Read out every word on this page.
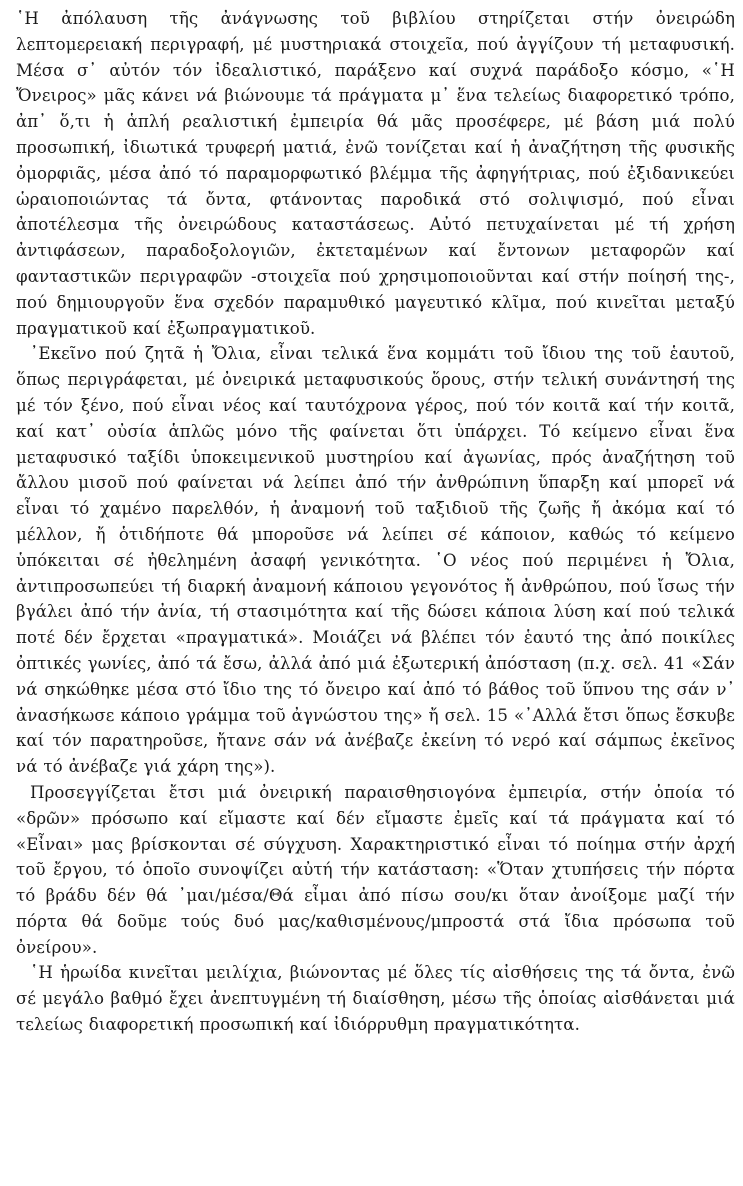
῾Η ἀπόλαυση τῆς ἀνάγνωσης τοῦ βιβλίου στηρίζεται στήν ὀνειρώδη λεπτομερειακή περιγραφή, μέ μυστηριακά στοιχεῖα, πού ἀγγίζουν τή μεταφυσική. Μέσα σ᾽ αὐτόν τόν ἰδεαλιστικό, παράξενο καί συχνά παράδοξο κόσμο, «῾Η Ὄνειρος» μᾶς κάνει νά βιώνουμε τά πράγματα μ᾽ ἕνα τελείως διαφορετικό τρόπο, ἀπ᾽ ὅ,τι ἡ ἁπλή ρεαλιστική ἐμπειρία θά μᾶς προσέφερε, μέ βάση μιά πολύ προσωπική, ἰδιωτικά τρυφερή ματιά, ἐνῶ τονίζεται καί ἡ ἀναζήτηση τῆς φυσικῆς ὀμορφιᾶς, μέσα ἀπό τό παραμορφωτικό βλέμμα τῆς ἀφηγήτριας, πού ἐξιδανικεύει ὡραιοποιώντας τά ὄντα, φτάνοντας παροδικά στό σολιψισμό, πού εἶναι ἀποτέλεσμα τῆς ὀνειρώδους καταστάσεως. Αὐτό πετυχαίνεται μέ τή χρήση ἀντιφάσεων, παραδοξολογιῶν, ἐκτεταμένων καί ἔντονων μεταφορῶν καί φανταστικῶν περιγραφῶν -στοιχεῖα πού χρησιμοποιοῦνται καί στήν ποίησή της-, πού δημιουργοῦν ἕνα σχεδόν παραμυθικό μαγευτικό κλῖμα, πού κινεῖται μεταξύ πραγματικοῦ καί ἐξωπραγματικοῦ.

᾽Εκεῖνο πού ζητᾶ ἡ Ὄλια, εἶναι τελικά ἕνα κομμάτι τοῦ ἴδιου της τοῦ ἑαυτοῦ, ὅπως περιγράφεται, μέ ὀνειρικά μεταφυσικούς ὅρους, στήν τελική συνάντησή της μέ τόν ξένο, πού εἶναι νέος καί ταυτόχρονα γέρος, πού τόν κοιτᾶ καί τήν κοιτᾶ, καί κατ᾽ οὐσία ἁπλῶς μόνο τῆς φαίνεται ὅτι ὑπάρχει. Τό κείμενο εἶναι ἕνα μεταφυσικό ταξίδι ὑποκειμενικοῦ μυστηρίου καί ἀγωνίας, πρός ἀναζήτηση τοῦ ἄλλου μισοῦ πού φαίνεται νά λείπει ἀπό τήν ἀνθρώπινη ὕπαρξη καί μπορεῖ νά εἶναι τό χαμένο παρελθόν, ἡ ἀναμονή τοῦ ταξιδιοῦ τῆς ζωῆς ἤ ἀκόμα καί τό μέλλον, ἤ ὁτιδήποτε θά μποροῦσε νά λείπει σέ κάποιον, καθώς τό κείμενο ὑπόκειται σέ ἠθελημένη ἀσαφή γενικότητα. ῾Ο νέος πού περιμένει ἡ Ὄλια, ἀντιπροσωπεύει τή διαρκή ἀναμονή κάποιου γεγονότος ἤ ἀνθρώπου, πού ἴσως τήν βγάλει ἀπό τήν ἀνία, τή στασιμότητα καί τῆς δώσει κάποια λύση καί πού τελικά ποτέ δέν ἔρχεται «πραγματικά». Μοιάζει νά βλέπει τόν ἑαυτό της ἀπό ποικίλες ὀπτικές γωνίες, ἀπό τά ἔσω, ἀλλά ἀπό μιά ἐξωτερική ἀπόσταση (π.χ. σελ. 41 «Σάν νά σηκώθηκε μέσα στό ἴδιο της τό ὄνειρο καί ἀπό τό βάθος τοῦ ὕπνου της σάν ν᾽ ἀνασήκωσε κάποιο γράμμα τοῦ ἀγνώστου της» ἤ σελ. 15 «᾽Αλλά ἔτσι ὅπως ἔσκυβε καί τόν παρατηροῦσε, ἤτανε σάν νά ἀνέβαζε ἐκείνη τό νερό καί σάμπως ἐκεῖνος νά τό ἀνέβαζε γιά χάρη της»).

Προσεγγίζεται ἔτσι μιά ὀνειρική παραισθησιογόνα ἐμπειρία, στήν ὁποία τό «δρῶν» πρόσωπο καί εἴμαστε καί δέν εἴμαστε ἐμεῖς καί τά πράγματα καί τό «Εἶναι» μας βρίσκονται σέ σύγχυση. Χαρακτηριστικό εἶναι τό ποίημα στήν ἀρχή τοῦ ἔργου, τό ὁποῖο συνοψίζει αὐτή τήν κατάσταση: «Ὅταν χτυπήσεις τήν πόρτα τό βράδυ δέν θά ᾽μαι/μέσα/Θά εἶμαι ἀπό πίσω σου/κι ὅταν ἀνοίξομε μαζί τήν πόρτα θά δοῦμε τούς δυό μας/καθισμένους/μπροστά στά ἴδια πρόσωπα τοῦ ὀνείρου».

῾Η ἡρωίδα κινεῖται μειλίχια, βιώνοντας μέ ὅλες τίς αἰσθήσεις της τά ὄντα, ἐνῶ σέ μεγάλο βαθμό ἔχει ἀνεπτυγμένη τή διαίσθηση, μέσω τῆς ὁποίας αἰσθάνεται μιά τελείως διαφορετική προσωπική καί ἰδιόρρυθμη πραγματικότητα.
